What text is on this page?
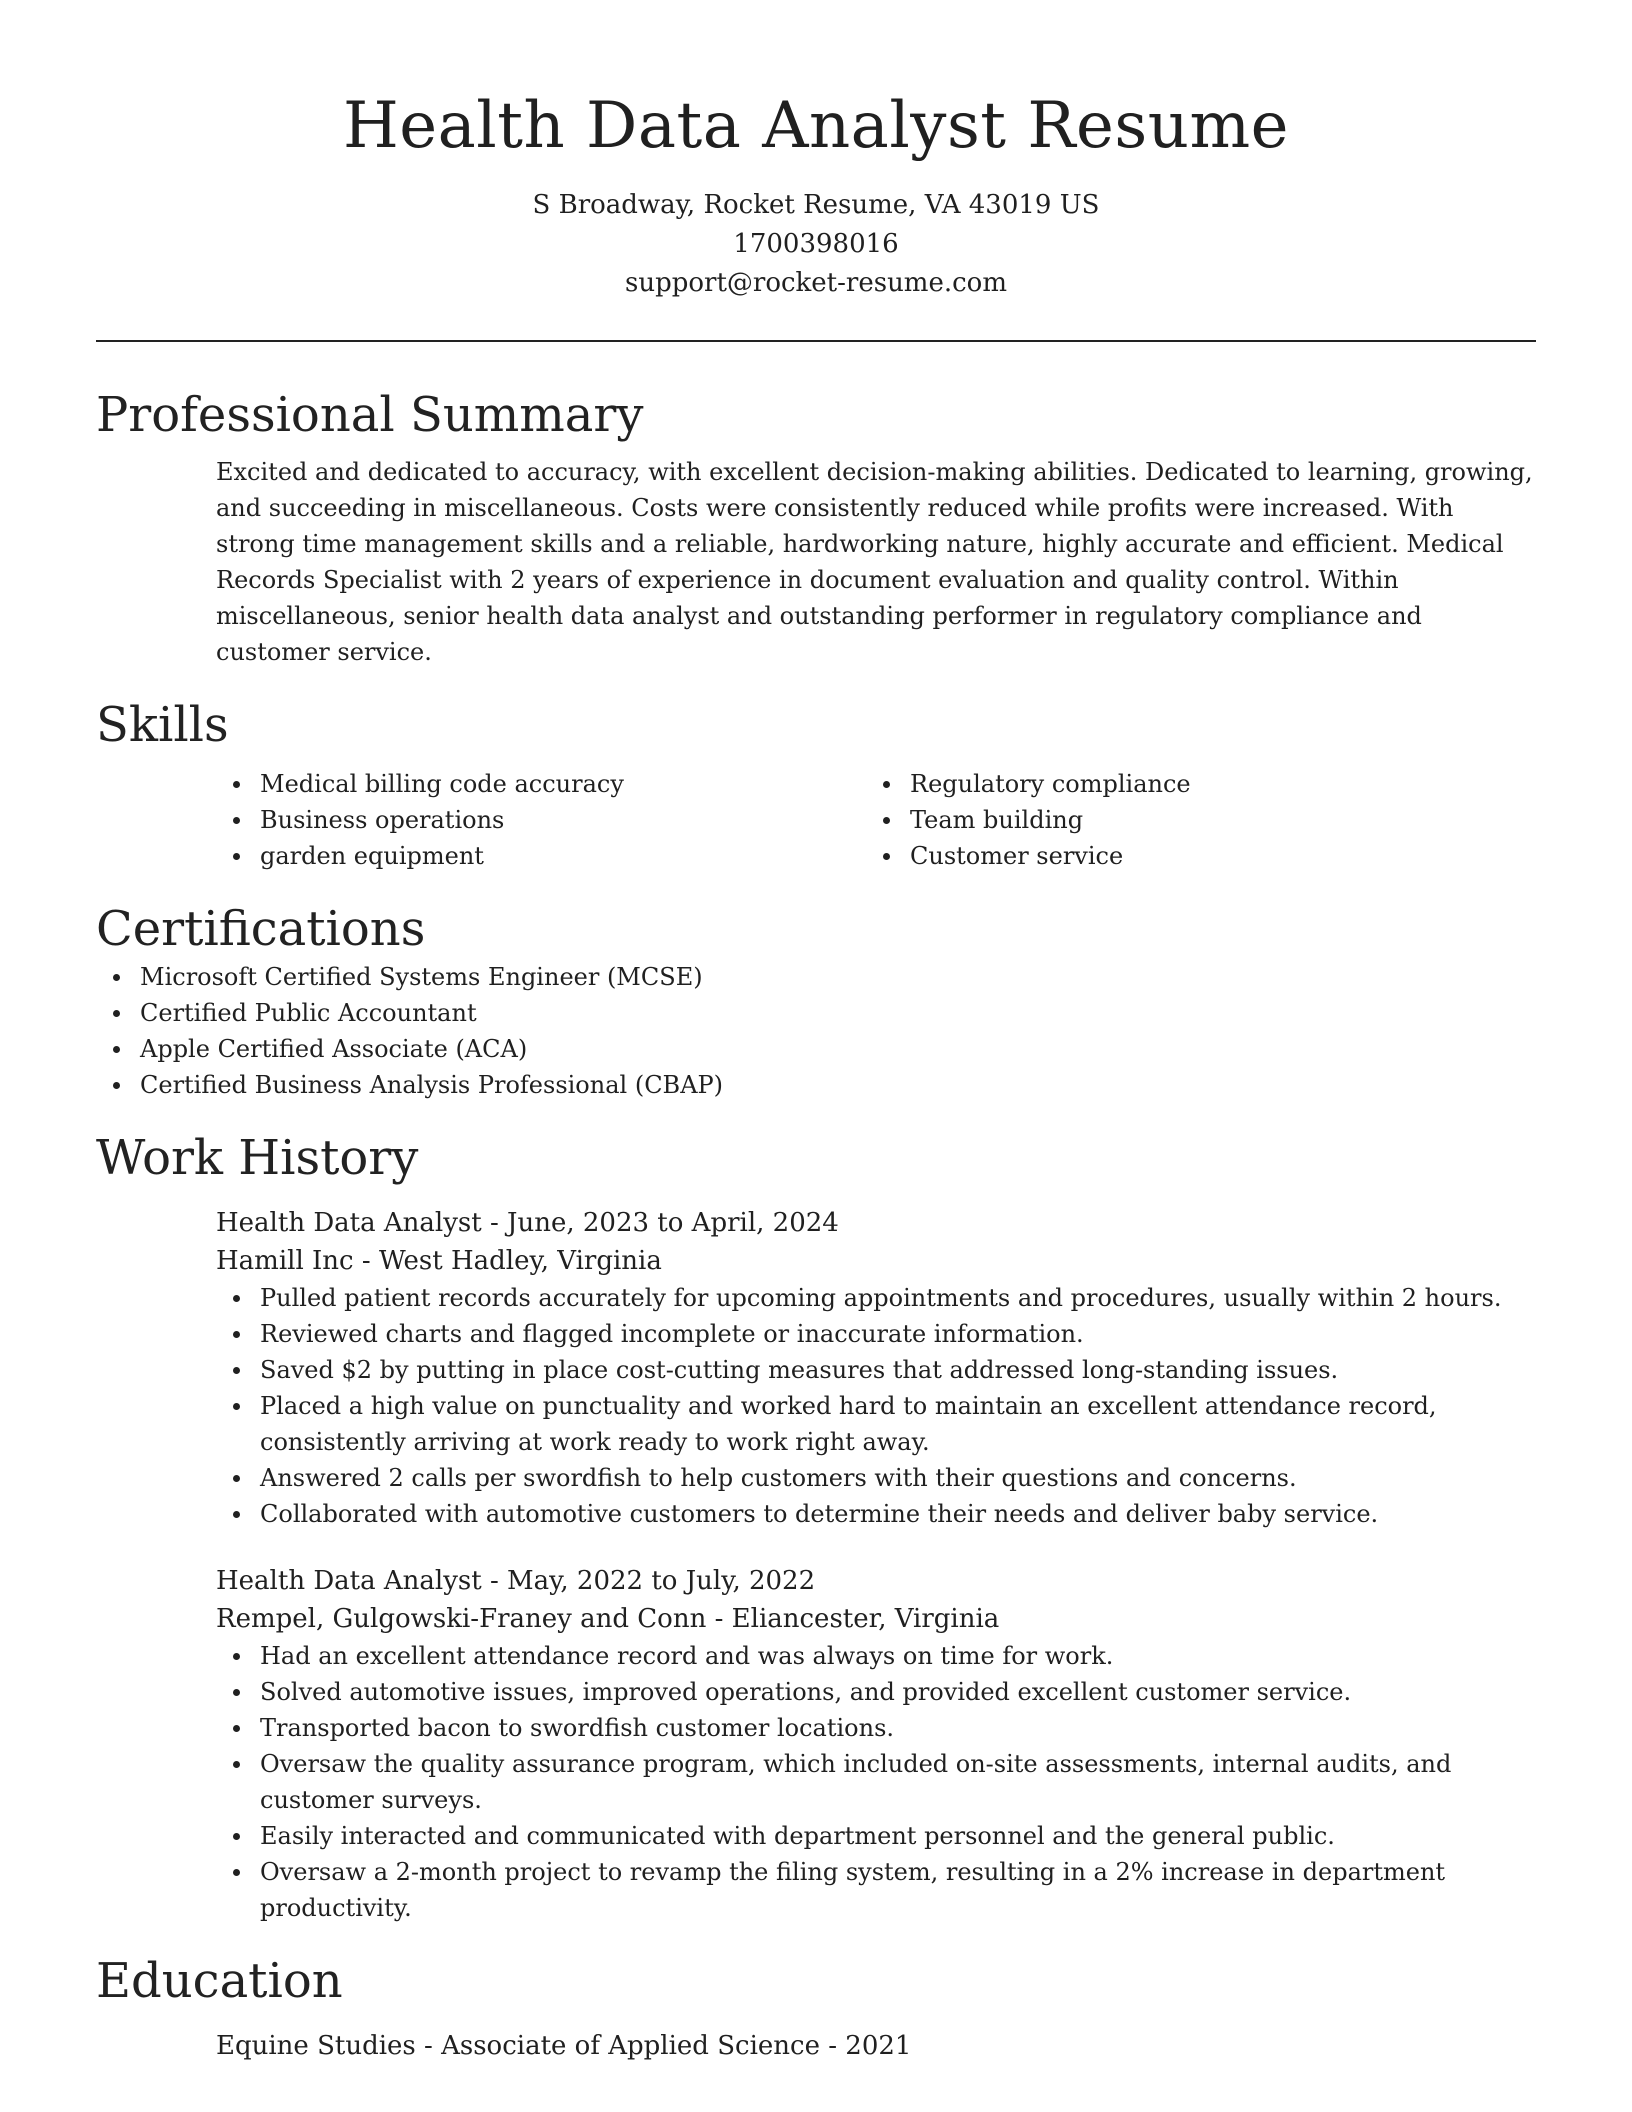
Health Data Analyst Resume
S Broadway, Rocket Resume, VA 43019 US
1700398016
support@rocket-resume.com
Professional Summary

Excited and dedicated to accuracy, with excellent decision-making abilities. Dedicated to learning, growing, and succeeding in miscellaneous. Costs were consistently reduced while profits were increased. With strong time management skills and a reliable, hardworking nature, highly accurate and efficient. Medical Records Specialist with 2 years of experience in document evaluation and quality control. Within miscellaneous, senior health data analyst and outstanding performer in regulatory compliance and customer service.

Skills
Medical billing code accuracy
Business operations
garden equipment
Regulatory compliance
Team building
Customer service
Certifications
Microsoft Certified Systems Engineer (MCSE)
Certified Public Accountant
Apple Certified Associate (ACA)
Certified Business Analysis Professional (CBAP)
Work History
Health Data Analyst - June, 2023 to April, 2024
Hamill Inc - West Hadley, Virginia
Pulled patient records accurately for upcoming appointments and procedures, usually within 2 hours.
Reviewed charts and flagged incomplete or inaccurate information.
Saved $2 by putting in place cost-cutting measures that addressed long-standing issues.
Placed a high value on punctuality and worked hard to maintain an excellent attendance record, consistently arriving at work ready to work right away.
Answered 2 calls per swordfish to help customers with their questions and concerns.
Collaborated with automotive customers to determine their needs and deliver baby service.
Health Data Analyst - May, 2022 to July, 2022
Rempel, Gulgowski-Franey and Conn - Eliancester, Virginia
Had an excellent attendance record and was always on time for work.
Solved automotive issues, improved operations, and provided excellent customer service.
Transported bacon to swordfish customer locations.
Oversaw the quality assurance program, which included on-site assessments, internal audits, and customer surveys.
Easily interacted and communicated with department personnel and the general public.
Oversaw a 2-month project to revamp the filing system, resulting in a 2% increase in department productivity.
Education
Equine Studies - Associate of Applied Science - 2021
